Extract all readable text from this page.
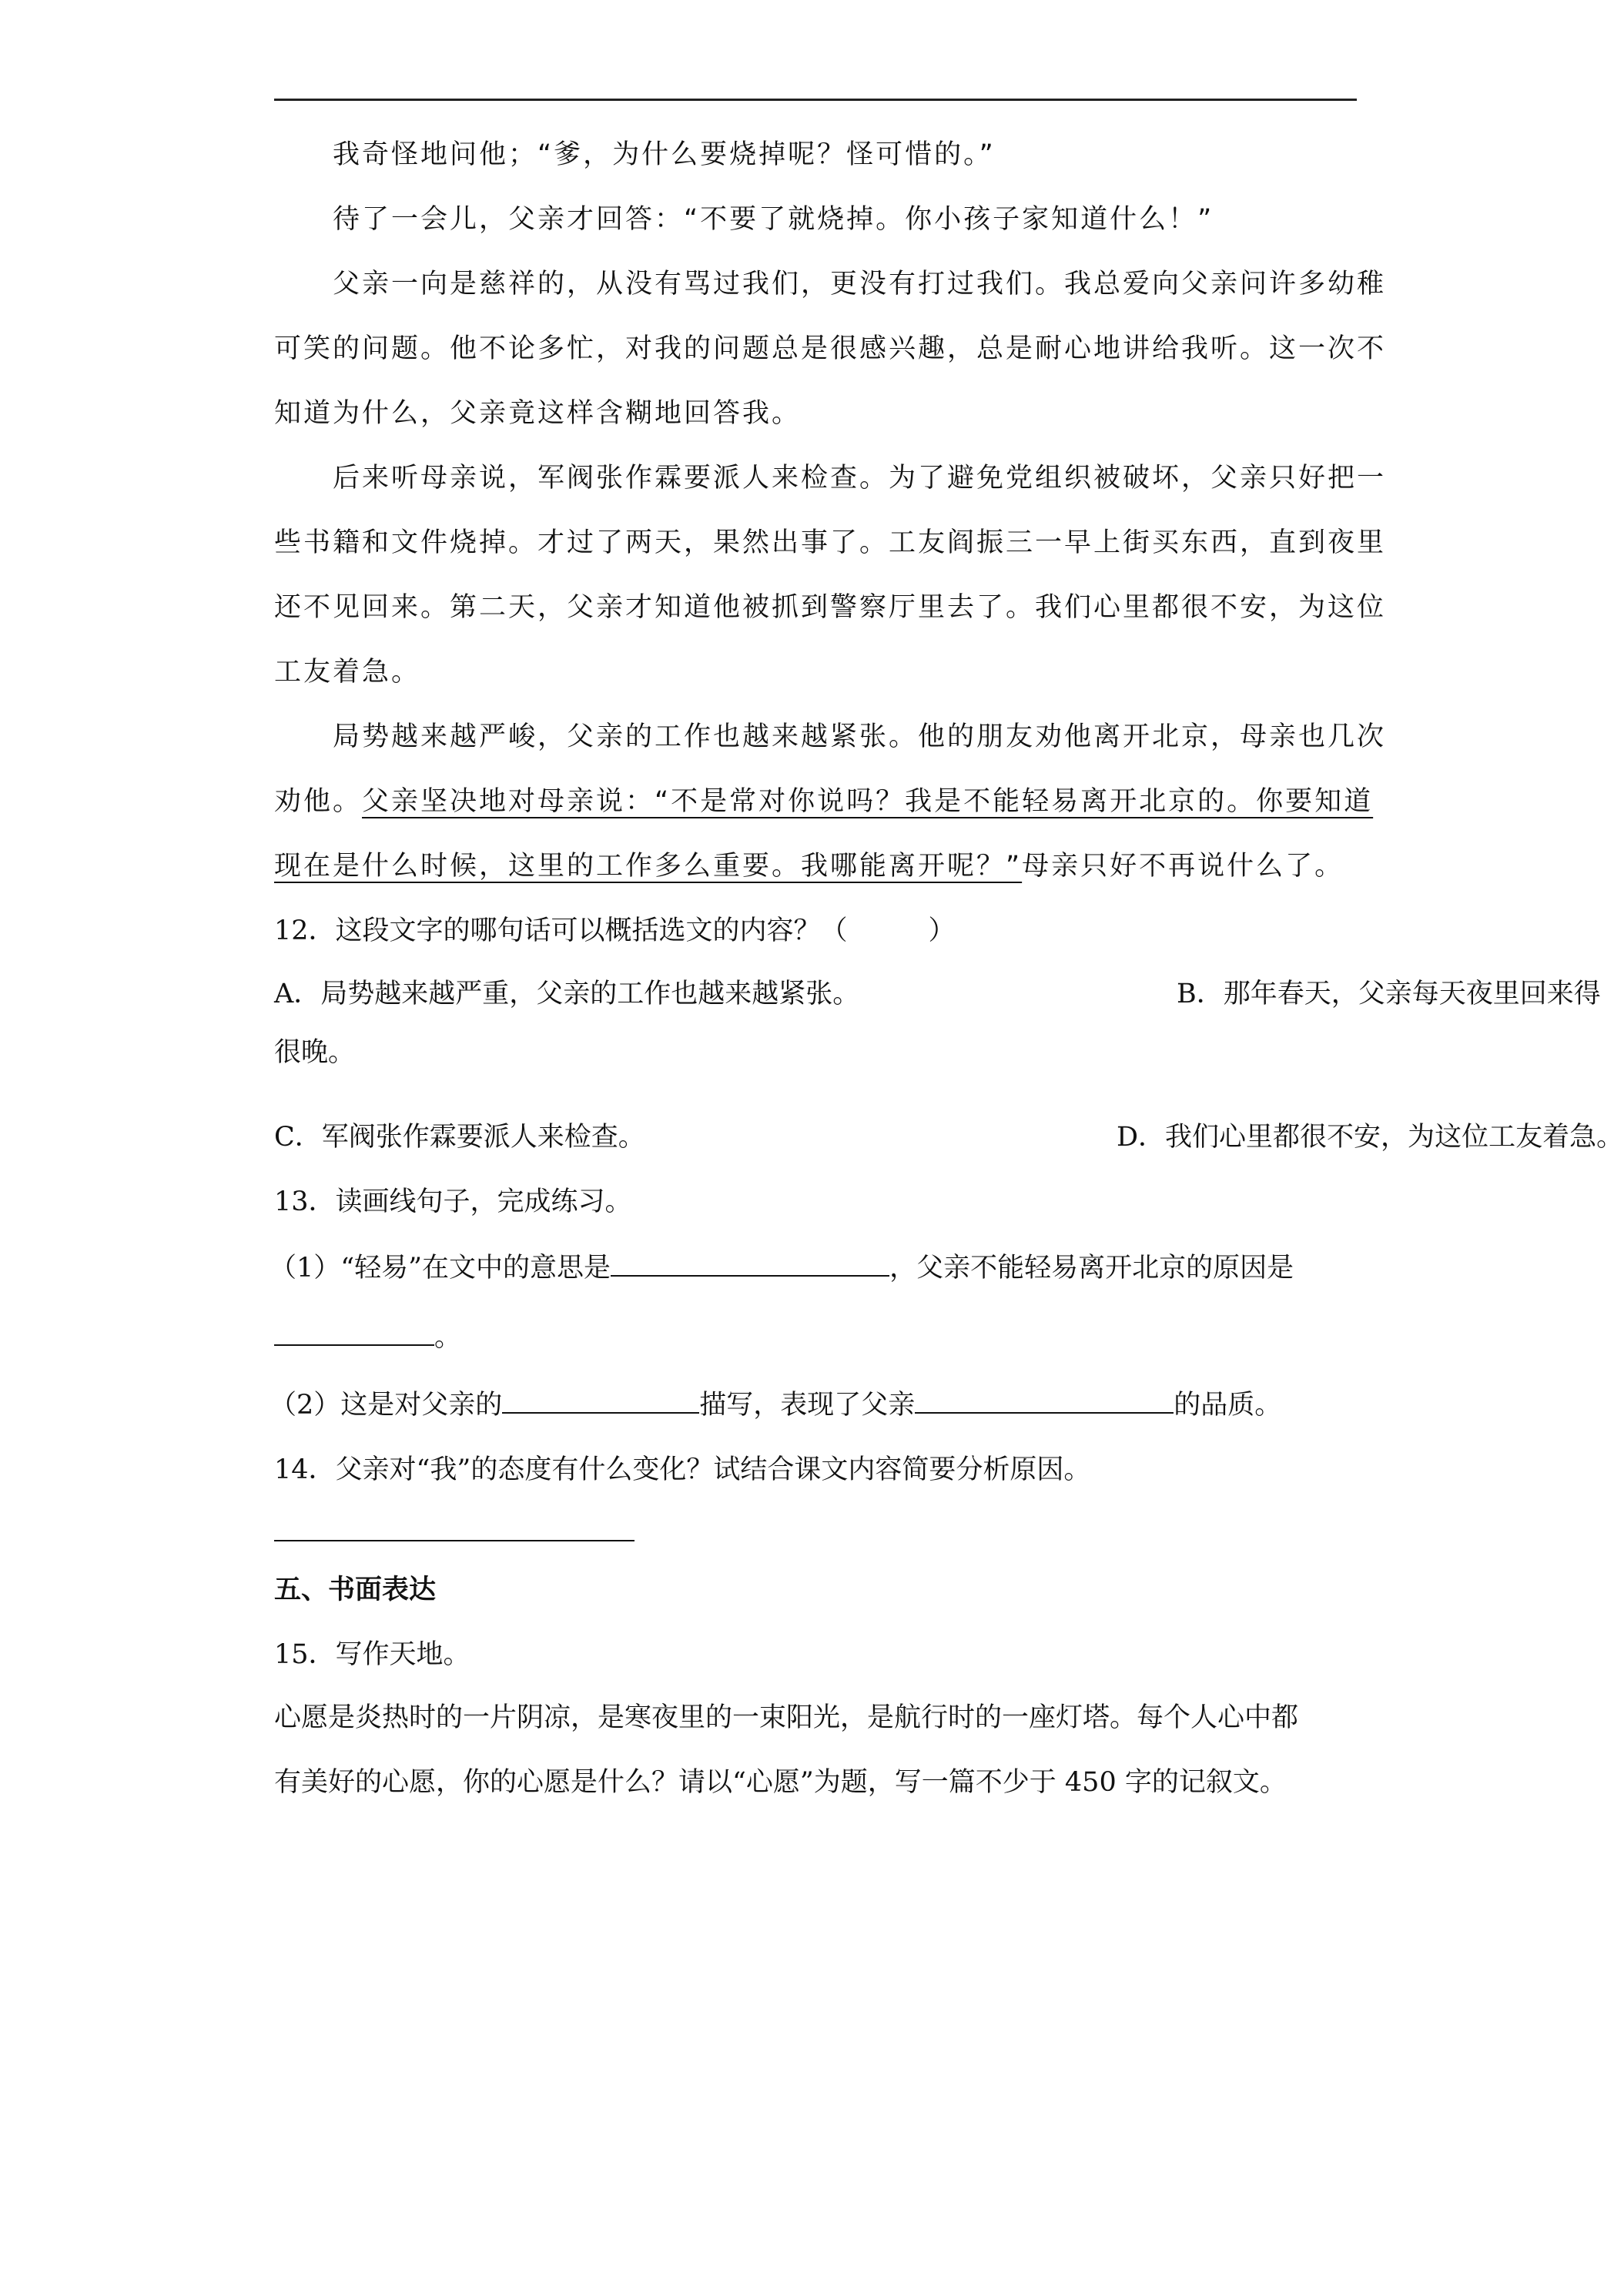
我奇怪地问他；“爹，为什么要烧掉呢？怪可惜的。”
待了一会儿，父亲才回答：“不要了就烧掉。你小孩子家知道什么！”
父亲一向是慈祥的，从没有骂过我们，更没有打过我们。我总爱向父亲问许多幼稚
可笑的问题。他不论多忙，对我的问题总是很感兴趣，总是耐心地讲给我听。这一次不
知道为什么，父亲竟这样含糊地回答我。
后来听母亲说，军阀张作霖要派人来检查。为了避免党组织被破坏，父亲只好把一
些书籍和文件烧掉。才过了两天，果然出事了。工友阎振三一早上街买东西，直到夜里
还不见回来。第二天，父亲才知道他被抓到警察厅里去了。我们心里都很不安，为这位
工友着急。
局势越来越严峻，父亲的工作也越来越紧张。他的朋友劝他离开北京，母亲也几次
劝他。父亲坚决地对母亲说：“不是常对你说吗？我是不能轻易离开北京的。你要知道
现在是什么时候，这里的工作多么重要。我哪能离开呢？”母亲只好不再说什么了。
12．这段文字的哪句话可以概括选文的内容？（　　　）
A．局势越来越严重，父亲的工作也越来越紧张。	B．那年春天，父亲每天夜里回来得
很晚。
C．军阀张作霖要派人来检查。	D．我们心里都很不安，为这位工友着急。
13．读画线句子，完成练习。
（1）“轻易”在文中的意思是	，父亲不能轻易离开北京的原因是
。
（2）这是对父亲的	描写，表现了父亲	的品质。
14．父亲对“我”的态度有什么变化？试结合课文内容简要分析原因。
五、书面表达
15．写作天地。
心愿是炎热时的一片阴凉，是寒夜里的一束阳光，是航行时的一座灯塔。每个人心中都
有美好的心愿，你的心愿是什么？请以“心愿”为题，写一篇不少于 450 字的记叙文。
